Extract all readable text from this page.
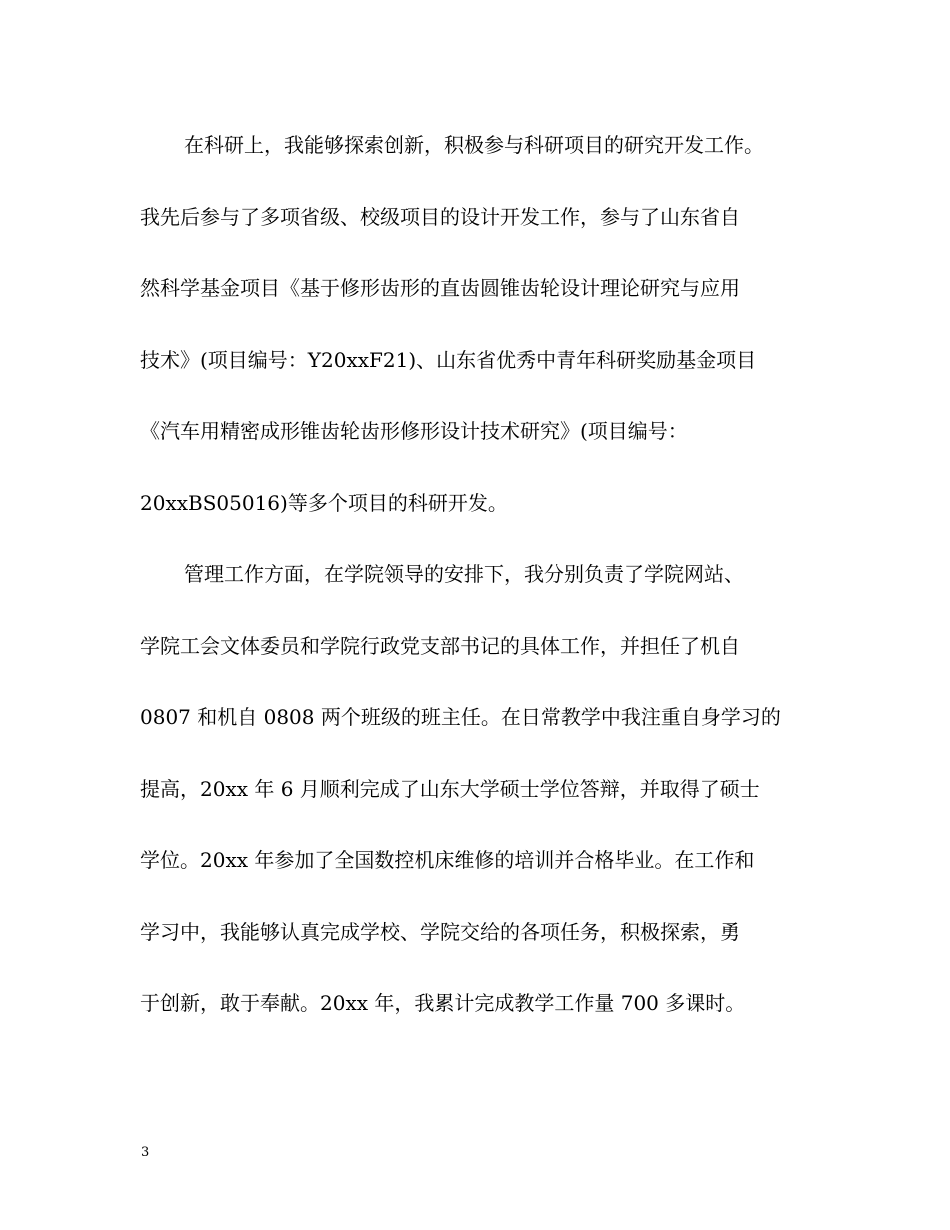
在科研上，我能够探索创新，积极参与科研项目的研究开发工作。
我先后参与了多项省级、校级项目的设计开发工作，参与了山东省自
然科学基金项目《基于修形齿形的直齿圆锥齿轮设计理论研究与应用
技术》(项目编号：Y20xxF21)、山东省优秀中青年科研奖励基金项目
《汽车用精密成形锥齿轮齿形修形设计技术研究》(项目编号：
20xxBS05016)等多个项目的科研开发。
管理工作方面，在学院领导的安排下，我分别负责了学院网站、
学院工会文体委员和学院行政党支部书记的具体工作，并担任了机自
0807 和机自 0808 两个班级的班主任。在日常教学中我注重自身学习的
提高，20xx 年 6 月顺利完成了山东大学硕士学位答辩，并取得了硕士
学位。20xx 年参加了全国数控机床维修的培训并合格毕业。在工作和
学习中，我能够认真完成学校、学院交给的各项任务，积极探索，勇
于创新，敢于奉献。20xx 年，我累计完成教学工作量 700 多课时。
3
